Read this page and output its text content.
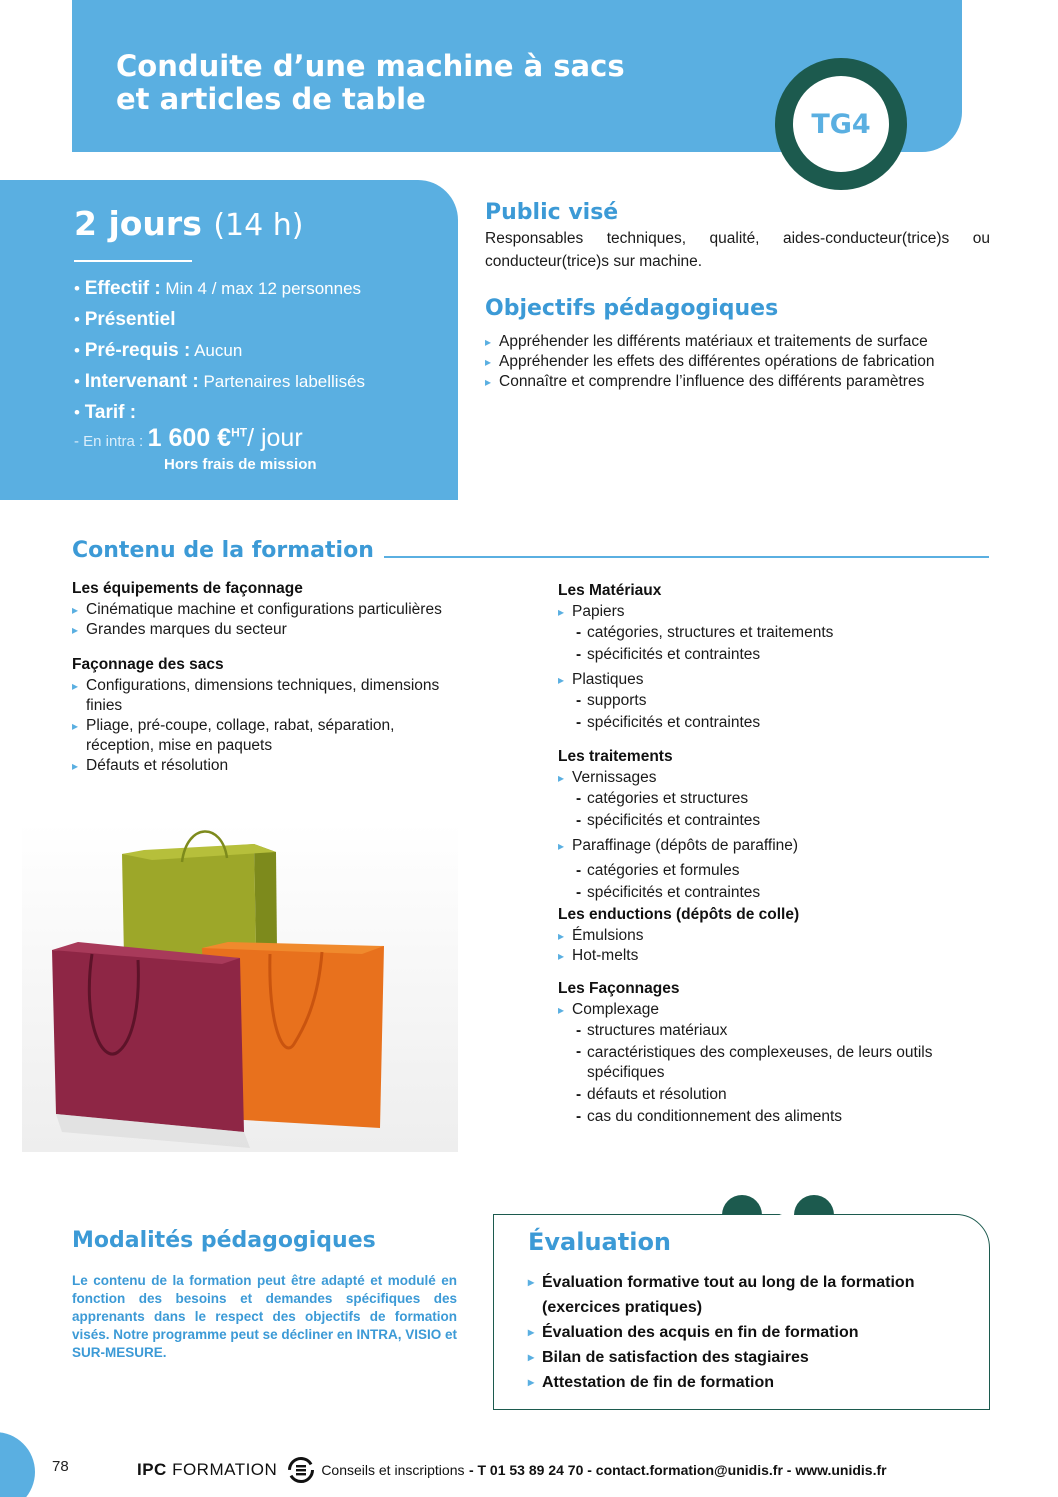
Conduite d’une machine à sacs
et articles de table
TG4
2 jours (14 h)
• Effectif : Min 4 / max 12 personnes
• Présentiel
• Pré-requis : Aucun
• Intervenant : Partenaires labellisés
• Tarif :
- En intra : 1 600 €$^{HT}$/ jour
Hors frais de mission
Public visé
Responsables techniques, qualité, aides-conducteur(trice)s ou conducteur(trice)s sur machine.
Objectifs pédagogiques
▸ Appréhender les différents matériaux et traitements de surface
▸ Appréhender les effets des différentes opérations de fabrication
▸ Connaître et comprendre l’influence des différents paramètres
Contenu de la formation
Les équipements de façonnage
▸ Cinématique machine et configurations particulières
▸ Grandes marques du secteur
Façonnage des sacs
▸ Configurations, dimensions techniques, dimensions finies
▸ Pliage, pré-coupe, collage, rabat, séparation, réception, mise en paquets
▸ Défauts et résolution
Les Matériaux
▸ Papiers
- catégories, structures et traitements
- spécificités et contraintes
▸ Plastiques
- supports
- spécificités et contraintes
Les traitements
▸ Vernissages
- catégories et structures
- spécificités et contraintes
▸ Paraffinage (dépôts de paraffine)
- catégories et formules
- spécificités et contraintes
Les enductions (dépôts de colle)
▸ Émulsions
▸ Hot-melts
Les Façonnages
▸ Complexage
- structures matériaux
- caractéristiques des complexeuses, de leurs outils spécifiques
- défauts et résolution
- cas du conditionnement des aliments
Modalités pédagogiques
Le contenu de la formation peut être adapté et modulé en fonction des besoins et demandes spécifiques des apprenants dans le respect des objectifs de formation visés. Notre programme peut se décliner en INTRA, VISIO et SUR-MESURE.
Évaluation
▸ Évaluation formative tout au long de la formation (exercices pratiques)
▸ Évaluation des acquis en fin de formation
▸ Bilan de satisfaction des stagiaires
▸ Attestation de fin de formation
78	IPC FORMATION	Conseils et inscriptions
- T 01 53 89 24 70 - contact.formation@unidis.fr - www.unidis.fr
